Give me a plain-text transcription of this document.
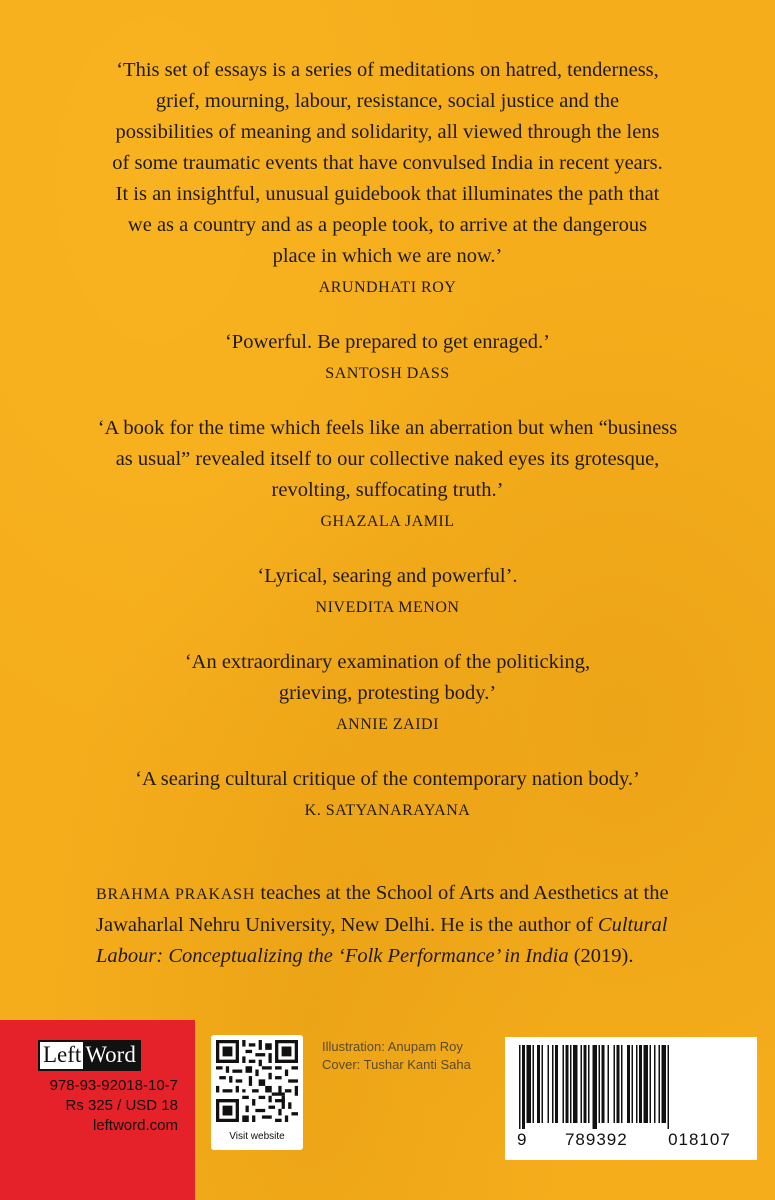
‘This set of essays is a series of meditations on hatred, tenderness, grief, mourning, labour, resistance, social justice and the possibilities of meaning and solidarity, all viewed through the lens of some traumatic events that have convulsed India in recent years. It is an insightful, unusual guidebook that illuminates the path that we as a country and as a people took, to arrive at the dangerous place in which we are now.’

ARUNDHATI ROY

‘Powerful. Be prepared to get enraged.’

SANTOSH DASS

‘A book for the time which feels like an aberration but when “business as usual” revealed itself to our collective naked eyes its grotesque, revolting, suffocating truth.’

GHAZALA JAMIL

‘Lyrical, searing and powerful’.

NIVEDITA MENON

‘An extraordinary examination of the politicking, grieving, protesting body.’

ANNIE ZAIDI

‘A searing cultural critique of the contemporary nation body.’

K. SATYANARAYANA
BRAHMA PRAKASH teaches at the School of Arts and Aesthetics at the Jawaharlal Nehru University, New Delhi. He is the author of Cultural Labour: Conceptualizing the ‘Folk Performance’ in India (2019).
Left Word
978-93-92018-10-7
Rs 325 / USD 18
leftword.com
Visit website
Illustration: Anupam Roy
Cover: Tushar Kanti Saha
9	789392	018107
